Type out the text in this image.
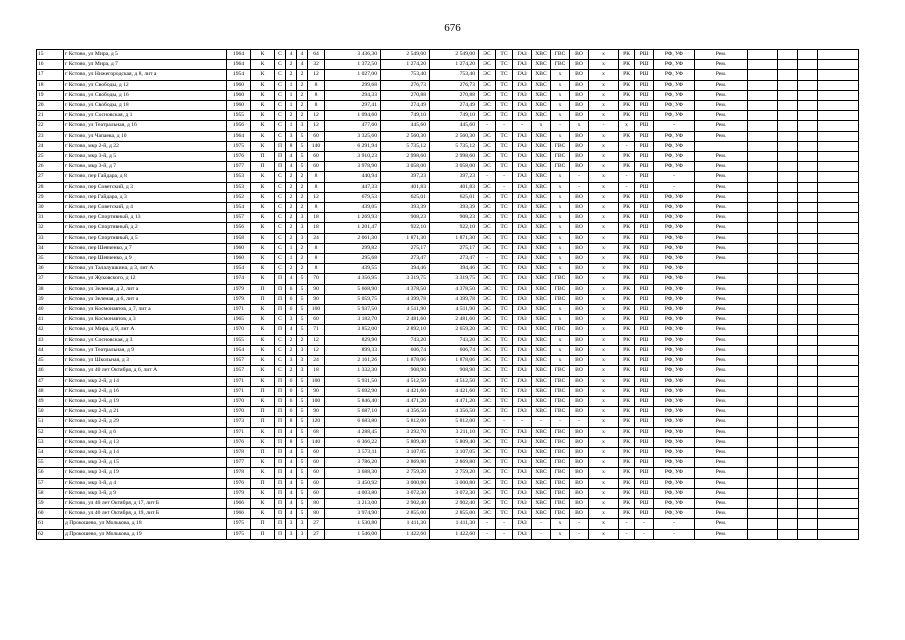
676
15	г Кстово, ул Мира, д 5	1964	К	С	4	4	64	3 436,30	2 549,00	2 549,00	ЭС	ТС	ГАЗ	ХВС	ГВС	ВО	х	РК	РШ	РФ, УФ	Рем.				
16	г Кстово, ул Мира, д 7	1964	К	С	2	4	32	1 372,50	1 274,20	1 274,20	ЭС	ТС	ГАЗ	ХВС	ГВС	ВО	х	РК	РШ	РФ, УФ	Рем.				
17	г Кстово, ул Нижегородская, д 8, лит а	1954	К	С	2	2	12	1 027,00	753,40	753,40	ЭС	ТС	ГАЗ	ХВС	х	ВО	х	РК	РШ	РФ, УФ	Рем.				
18	г Кстово, ул Свободы, д 12	1960	К	С	1	2	8	299,68	276,73	276,73	ЭС	ТС	ГАЗ	ХВС	х	ВО	х	РК	РШ	РФ, УФ	Рем.				
19	г Кстово, ул Свободы, д 16	1960	К	С	1	2	8	294,33	270,88	270,88	ЭС	ТС	ГАЗ	ХВС	х	ВО	х	РК	РШ	РФ, УФ	Рем.				
20	г Кстово, ул Свободы, д 18	1960	К	С	1	2	8	297,41	274,49	274,49	ЭС	ТС	ГАЗ	ХВС	х	ВО	х	РК	РШ	РФ, УФ	Рем.				
21	г Кстово, ул Сосновская, д 1	1955	К	С	2	2	12	1 094,60	749,10	749,10	ЭС	ТС	ГАЗ	ХВС	х	ВО	х	РК	РШ	РФ, УФ	Рем.				
22	г Кстово, ул Театральная, д 16	1956	К	С	1	3	12	477,60	445,60	445,60	-	-	-	х	-	х	-	х	РШ	-	Рем.				
23	г Кстово, ул Чапаева, д 10	1964	К	С	3	5	60	3 325,60	2 560,30	2 560,30	ЭС	ТС	ГАЗ	ХВС	х	ВО	х	РК	РШ	РФ, УФ	Рем.				
24	г Кстово, мкр 2-й, д 22	1975	К	П	8	5	140	6 291,94	5 735,12	5 735,12	ЭС	ТС	ГАЗ	ХВС	ГВС	ВО	х	-	РШ	РФ, УФ					
25	г Кстово, мкр 3-й, д 5	1976	П	П	4	5	60	3 910,23	2 998,60	2 998,60	ЭС	ТС	ГАЗ	ХВС	ГВС	ВО	х	РК	РШ	РФ, УФ	Рем.				
26	г Кстово, мкр 3-й, д 7	1977	П	П	4	5	60	3 978,90	3 058,00	3 058,00	ЭС	ТС	ГАЗ	ХВС	ГВС	ВО	х	РК	РШ	РФ, УФ	Рем.				
27	г Кстово, пер Гайдара, д 8	1953	К	С	2	2	8	440,94	397,23	397,23	-	-	ГАЗ	ХВС	х	-	х	-	РШ	-	Рем.				
28	г Кстово, пер Советский, д 3	1953	К	С	2	2	8	447,33	401,83	401,83	ЭС	-	ГАЗ	ХВС	х	-	х	-	РШ	-	Рем.				
29	г Кстово, пер Гайдара, д 3	1952	К	С	2	2	12	679,53	625,01	625,01	ЭС	ТС	ГАЗ	ХВС	х	ВО	х	РК	РШ	РФ, УФ	Рем.				
30	г Кстово, пер Советский, д 4	1954	К	С	2	2	8	439,05	393,39	393,39	ЭС	ТС	ГАЗ	ХВС	х	ВО	х	РК	РШ	РФ, УФ	Рем.				
31	г Кстово, пер Спортивный, д 13	1957	К	С	2	3	18	1 269,93	908,23	908,23	ЭС	ТС	ГАЗ	ХВС	х	ВО	х	РК	РШ	РФ, УФ	Рем.				
32	г Кстово, пер Спортивный, д 2	1956	К	С	2	3	18	1 201,47	922,10	922,10	ЭС	ТС	ГАЗ	ХВС	х	ВО	х	РК	РШ	РФ, УФ	Рем.				
33	г Кстово, пер Спортивный, д 5	1958	К	С	2	3	24	2 061,30	1 871,30	1 871,30	ЭС	ТС	ГАЗ	ХВС	х	ВО	х	РК	РШ	РФ, УФ	Рем.				
34	г Кстово, пер Шевченко, д 7	1960	К	С	1	2	8	299,82	275,17	275,17	ЭС	ТС	ГАЗ	ХВС	х	ВО	х	РК	РШ	РФ, УФ	Рем.				
35	г Кстово, пер Шевченко, д 9	1960	К	С	1	2	8	295,68	273,47	273,47	-	ТС	ГАЗ	ХВС	х	ВО	х	РК	РШ	РФ, УФ	Рем.				
36	г Кстово, ул Талалушкина, д 3, лит А	1954	К	С	2	2	8	439,55	394,46	394,46	ЭС	ТС	ГАЗ	ХВС	х	ВО	х	РК	РШ	РФ, УФ					
37	г Кстово, ул Жуковского, д 12	1974	К	П	4	5	70	4 356,95	3 319,75	3 319,75	ЭС	ТС	ГАЗ	ХВС	ГВС	ВО	х	РК	РШ	РФ, УФ	Рем.				
38	г Кстово, ул Зеленая, д 2, лит а	1979	П	П	6	5	90	5 668,90	4 378,50	4 378,50	ЭС	ТС	ГАЗ	ХВС	ГВС	ВО	х	РК	РШ	РФ, УФ	Рем.				
39	г Кстово, ул Зеленая, д 6, лит а	1979	П	П	6	5	90	5 059,75	4 399,78	4 399,78	ЭС	ТС	ГАЗ	ХВС	ГВС	ВО	х	РК	РШ	РФ, УФ	Рем.				
40	г Кстово, ул Космонавтов, д 7, лит а	1971	К	П	6	5	100	5 937,50	4 511,90	4 511,90	ЭС	ТС	ГАЗ	ХВС	х	ВО	х	РК	РШ	РФ, УФ	Рем.				
41	г Кстово, ул Космонавтов, д 3	1965	К	С	3	5	60	3 182,70	2 481,60	2 481,60	ЭС	ТС	ГАЗ	ХВС	х	ВО	х	РК	РШ	РФ, УФ	Рем.				
42	г Кстово, ул Мира, д 9, лит А	1970	К	П	4	5	71	3 852,00	2 892,10	2 659,20	ЭС	ТС	ГАЗ	ХВС	ГВС	ВО	х	РК	РШ	РФ, УФ	Рем.				
43	г Кстово, ул Сосновская, д 3	1955	К	С	2	2	12	829,90	743,20	743,20	ЭС	ТС	ГАЗ	ХВС	х	ВО	х	РК	РШ	РФ, УФ	Рем.				
44	г Кстово, ул Театральная, д 9	1954	К	С	2	3	12	899,33	606,74	606,74	ЭС	ТС	ГАЗ	ХВС	х	ВО	х	РК	РШ	РФ, УФ	Рем.				
45	г Кстово, ул Школьная, д 3	1957	К	С	3	3	24	2 161,26	1 878,06	1 878,06	ЭС	ТС	ГАЗ	ХВС	х	ВО	х	РК	РШ	РФ, УФ	Рем.				
46	г Кстово, ул 40 лет Октября, д 6, лит А	1957	К	С	2	3	18	1 332,30	908,90	908,90	ЭС	ТС	ГАЗ	ХВС	ГВС	ВО	х	РК	РШ	РФ, УФ	Рем.				
47	г Кстово, мкр 2-й, д 14	1971	К	П	6	5	100	5 931,50	4 512,50	4 512,50	ЭС	ТС	ГАЗ	ХВС	ГВС	ВО	х	РК	РШ	РФ, УФ	Рем.				
48	г Кстово, мкр 2-й, д 16	1971	П	П	6	5	90	5 692,90	4 421,60	4 421,60	ЭС	ТС	ГАЗ	ХВС	ГВС	ВО	х	РК	РШ	РФ, УФ	Рем.				
49	г Кстово, мкр 2-й, д 19	1970	К	П	6	5	100	5 846,40	4 471,20	4 471,20	ЭС	ТС	ГАЗ	ХВС	ГВС	ВО	х	РК	РШ	РФ, УФ	Рем.				
50	г Кстово, мкр 2-й, д 21	1970	П	П	6	5	90	5 687,10	4 356,50	4 356,50	ЭС	ТС	ГАЗ	ХВС	ГВС	ВО	х	РК	РШ	РФ, УФ	Рем.				
51	г Кстово, мкр 2-й, д 29	1973	П	П	8	5	120	6 683,80	5 812,00	5 812,00	ЭС	-	-	-	-	-	х	РК	РШ	РФ, УФ	Рем.				
52	г Кстово, мкр 3-й, д 6	1971	К	П	4	5	68	4 288,45	3 292,70	3 211,10	ЭС	ТС	ГАЗ	ХВС	ГВС	ВО	х	РК	РШ	РФ, УФ	Рем.				
53	г Кстово, мкр 3-й, д 13	1976	К	П	8	5	140	6 366,22	5 809,40	5 809,40	ЭС	ТС	ГАЗ	ХВС	ГВС	ВО	х	РК	РШ	РФ, УФ	Рем.				
54	г Кстово, мкр 3-й, д 14	1978	П	П	4	5	60	3 573,11	3 107,05	3 107,05	ЭС	ТС	ГАЗ	ХВС	ГВС	ВО	х	РК	РШ	РФ, УФ	Рем.				
55	г Кстово, мкр 3-й, д 15	1977	К	П	4	5	60	3 786,20	2 869,80	2 869,80	ЭС	ТС	ГАЗ	ХВС	ГВС	ВО	х	РК	РШ	РФ, УФ	Рем.				
56	г Кстово, мкр 3-й, д 19	1978	К	П	4	5	60	3 688,30	2 759,20	2 759,20	ЭС	ТС	ГАЗ	ХВС	ГВС	ВО	х	РК	РШ	РФ, УФ	Рем.				
57	г Кстово, мкр 3-й, д 4	1976	П	П	4	5	60	3 450,92	3 000,80	3 000,80	ЭС	ТС	ГАЗ	ХВС	ГВС	ВО	х	РК	РШ	РФ, УФ	Рем.				
58	г Кстово, мкр 3-й, д 9	1979	К	П	4	5	60	4 003,80	3 072,30	3 072,30	ЭС	ТС	ГАЗ	ХВС	ГВС	ВО	х	РК	РШ	РФ, УФ	Рем.				
59	г Кстово, ул 40 лет Октября, д 17, лит Б	1966	К	П	4	5	80	3 213,00	2 902,40	2 902,40	ЭС	ТС	ГАЗ	ХВС	ГВС	ВО	х	РК	РШ	РФ, УФ	Рем.				
60	г Кстово, ул 40 лет Октября, д 19, лит Б	1966	К	П	4	5	80	3 974,90	2 855,00	2 855,00	ЭС	ТС	ГАЗ	ХВС	ГВС	ВО	х	РК	РШ	РФ, УФ	Рем.				
61	д Прокошево, ул Молькова, д 18	1975	П	П	3	3	27	1 530,80	1 411,30	1 411,30	-	-	ГАЗ	-	х	-	х	-	-	-	Рем.				
62	д Прокошево, ул Молькова, д 19	1975	П	П	3	3	27	1 546,00	1 422,60	1 422,60	-	-	ГАЗ	-	х	-	х	-	-	-	Рем.				
